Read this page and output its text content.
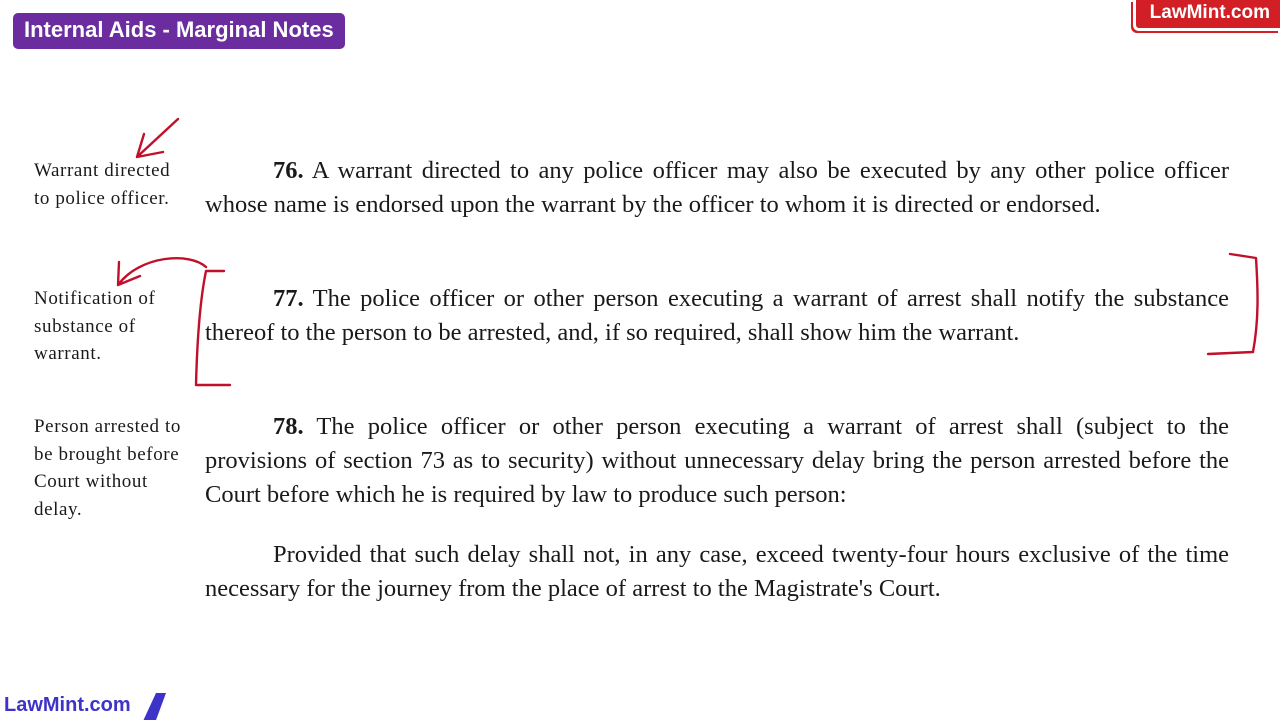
Internal Aids - Marginal Notes
LawMint.com
LawMint.com
Warrant directed to police officer.
Notification of substance of warrant.
Person arrested to be brought before Court without delay.
76. A warrant directed to any police officer may also be executed by any other police officer whose name is endorsed upon the warrant by the officer to whom it is directed or endorsed.
77. The police officer or other person executing a warrant of arrest shall notify the substance thereof to the person to be arrested, and, if so required, shall show him the warrant.
78. The police officer or other person executing a warrant of arrest shall (subject to the provisions of section 73 as to security) without unnecessary delay bring the person arrested before the Court before which he is required by law to produce such person:
Provided that such delay shall not, in any case, exceed twenty-four hours exclusive of the time necessary for the journey from the place of arrest to the Magistrate's Court.
